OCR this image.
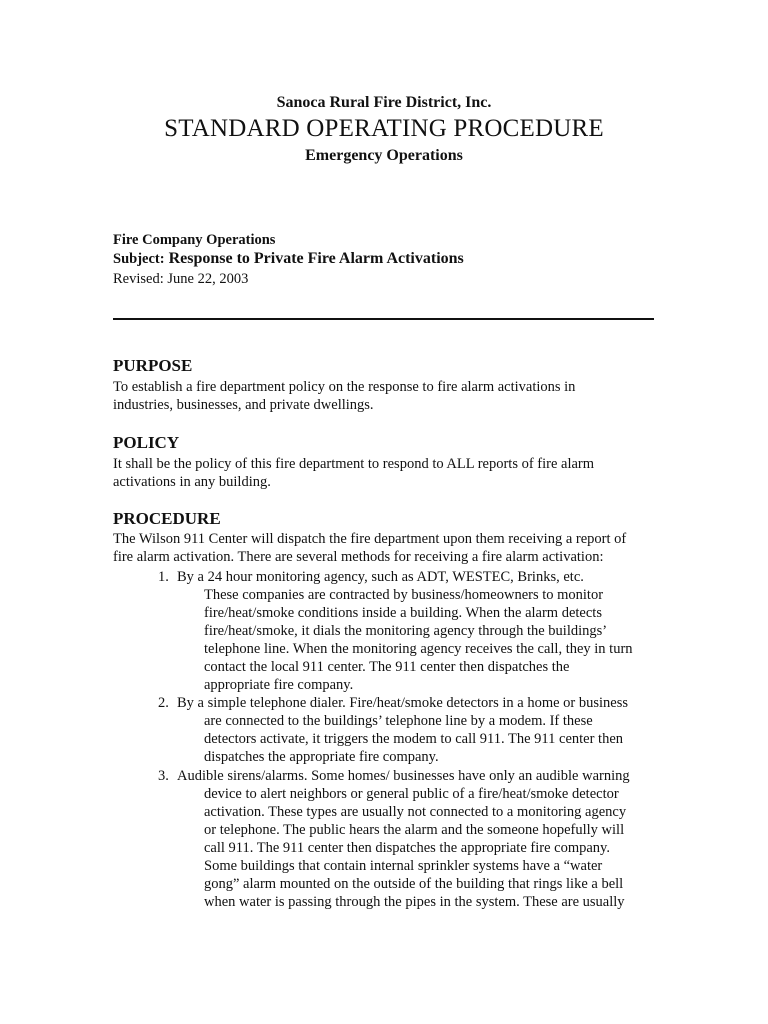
Sanoca Rural Fire District, Inc.
STANDARD OPERATING PROCEDURE
Emergency Operations
Fire Company Operations
Subject: Response to Private Fire Alarm Activations
Revised: June 22, 2003
PURPOSE
To establish a fire department policy on the response to fire alarm activations in
industries, businesses, and private dwellings.
POLICY
It shall be the policy of this fire department to respond to ALL reports of fire alarm
activations in any building.
PROCEDURE
The Wilson 911 Center will dispatch the fire department upon them receiving a report of
fire alarm activation. There are several methods for receiving a fire alarm activation:
1. By a 24 hour monitoring agency, such as ADT, WESTEC, Brinks, etc.
These companies are contracted by business/homeowners to monitor
fire/heat/smoke conditions inside a building. When the alarm detects
fire/heat/smoke, it dials the monitoring agency through the buildings’
telephone line. When the monitoring agency receives the call, they in turn
contact the local 911 center. The 911 center then dispatches the
appropriate fire company.
2. By a simple telephone dialer. Fire/heat/smoke detectors in a home or business
are connected to the buildings’ telephone line by a modem. If these
detectors activate, it triggers the modem to call 911. The 911 center then
dispatches the appropriate fire company.
3. Audible sirens/alarms. Some homes/ businesses have only an audible warning
device to alert neighbors or general public of a fire/heat/smoke detector
activation. These types are usually not connected to a monitoring agency
or telephone. The public hears the alarm and the someone hopefully will
call 911. The 911 center then dispatches the appropriate fire company.
Some buildings that contain internal sprinkler systems have a “water
gong” alarm mounted on the outside of the building that rings like a bell
when water is passing through the pipes in the system. These are usually
